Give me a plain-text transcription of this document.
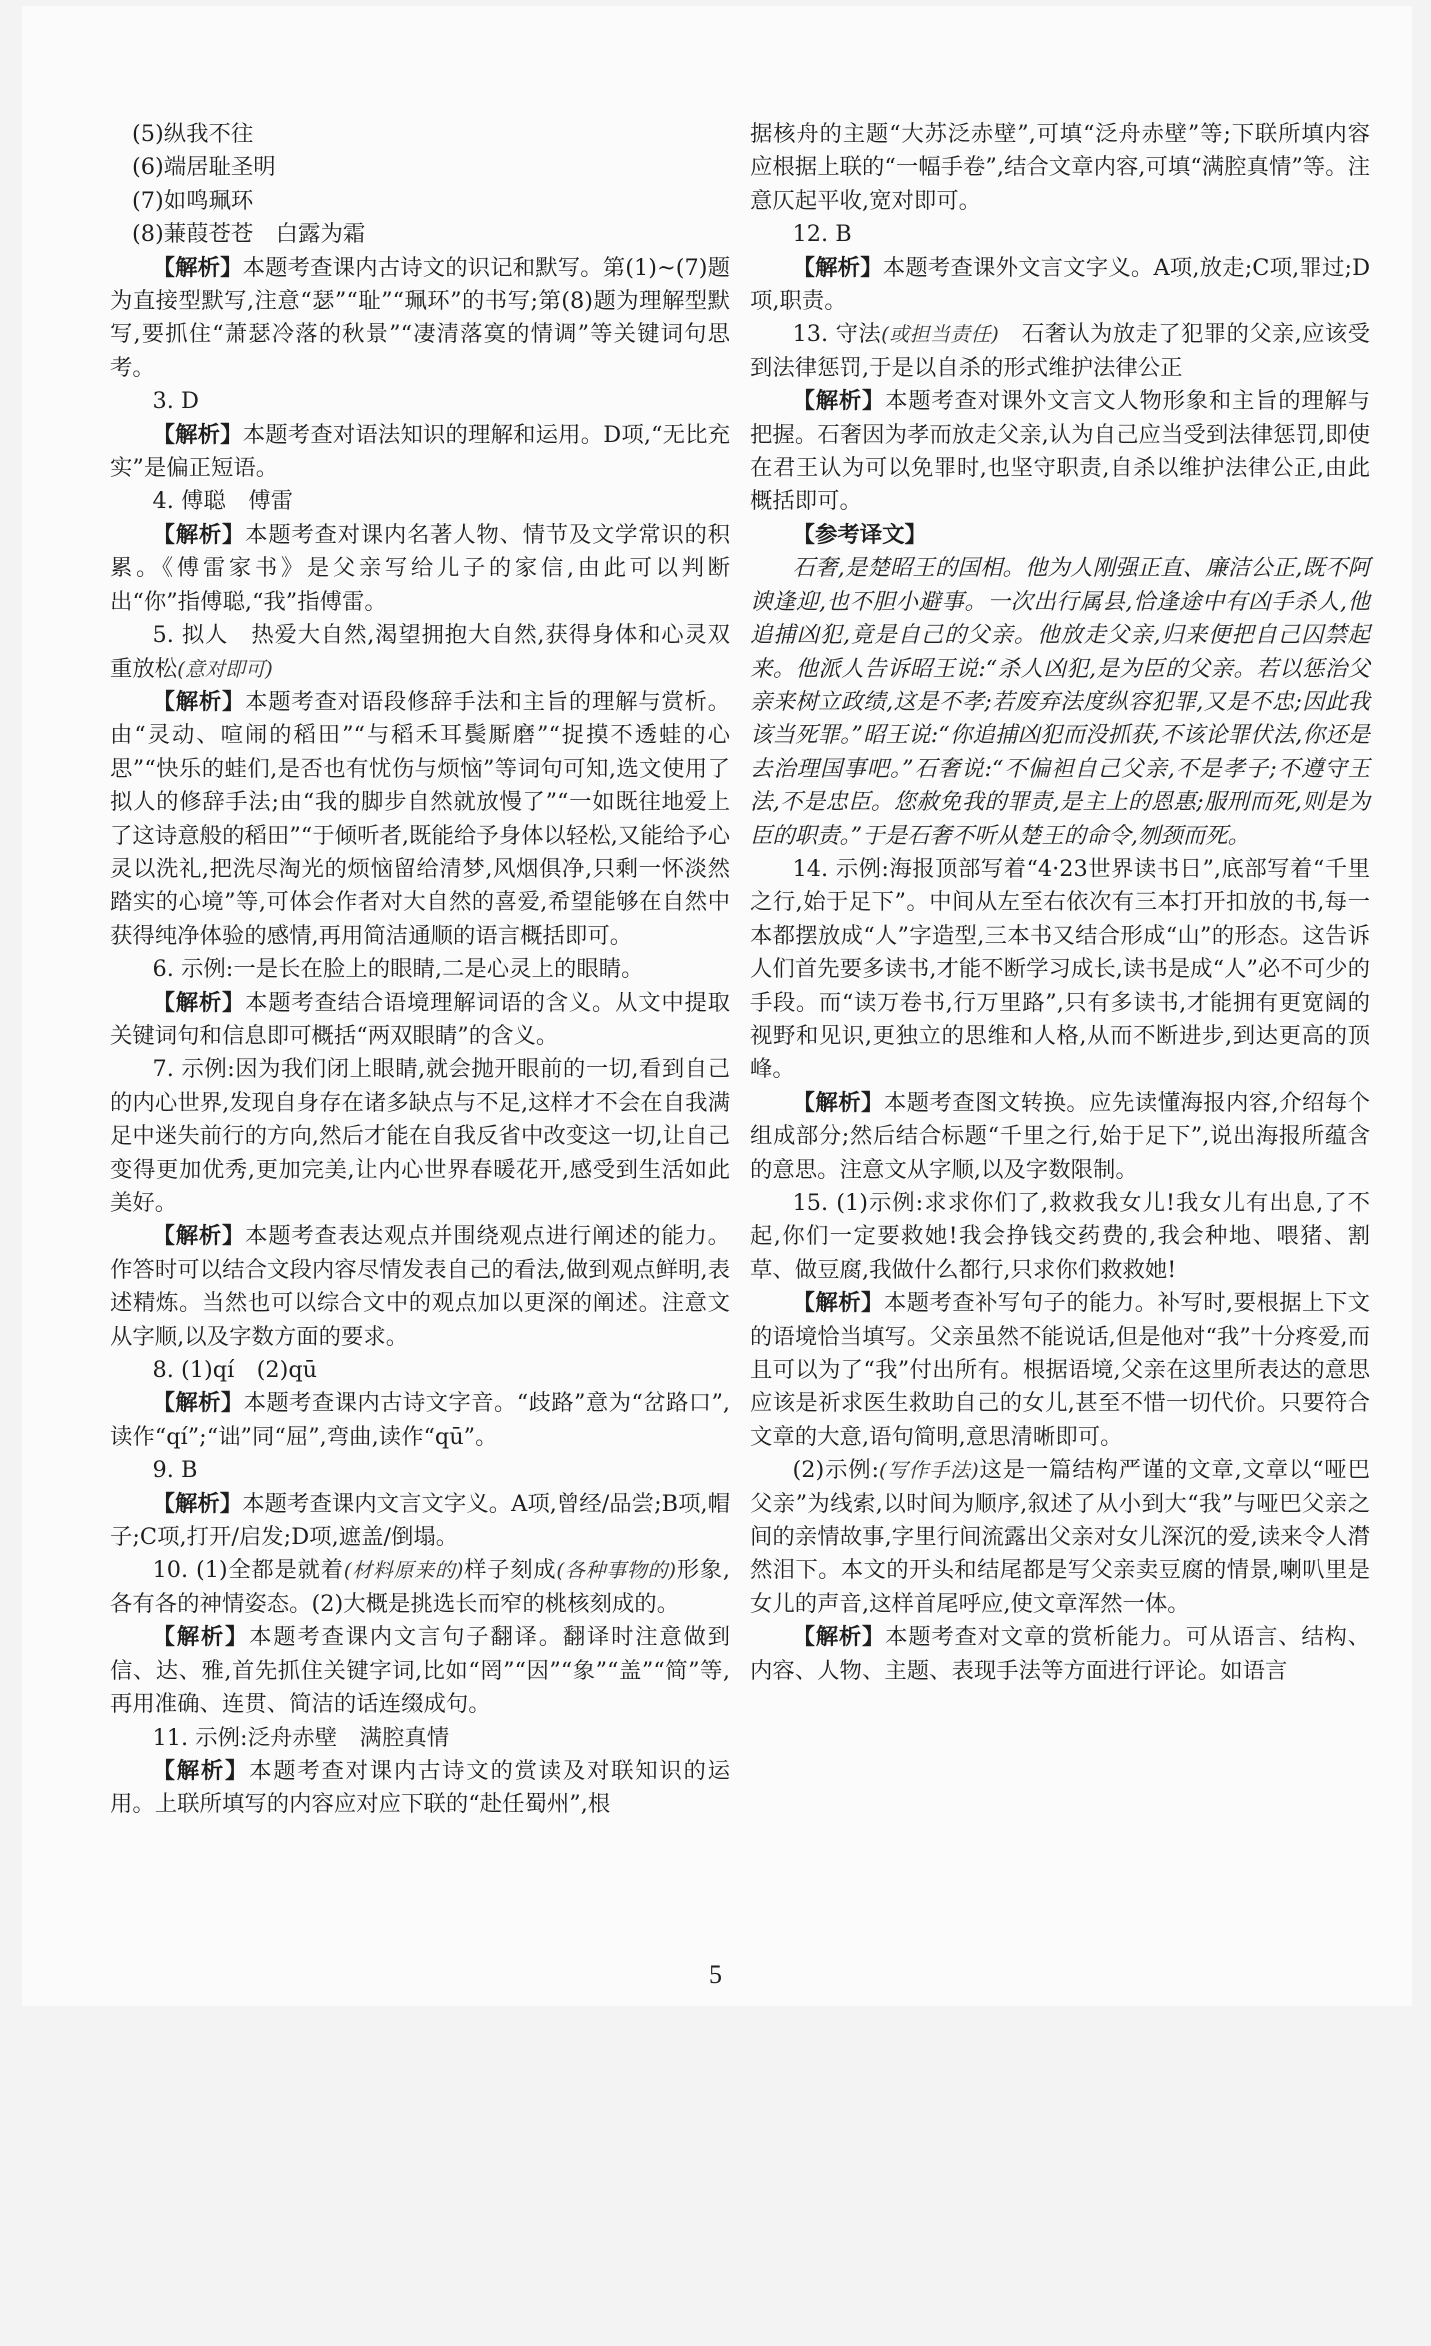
(5)纵我不往

(6)端居耻圣明

(7)如鸣珮环

(8)蒹葭苍苍　白露为霜

【 解析 】 本题考查课内古诗文的识记和默写。第(1)~(7)题为直接型默写,注意“瑟”“耻”“珮环”的书写;第(8)题为理解型默写,要抓住“萧瑟冷落的秋景”“凄清落寞的情调”等关键词句思考。

3. D

【 解析 】 本题考查对语法知识的理解和运用。D项,“无比充实”是偏正短语。

4. 傅聪　傅雷

【 解析 】 本题考查对课内名著人物、情节及文学常识的积累。《傅雷家书》是父亲写给儿子的家信,由此可以判断出“你”指傅聪,“我”指傅雷。

5. 拟人　热爱大自然,渴望拥抱大自然,获得身体和心灵双重放松(意对即可)

【 解析 】 本题考查对语段修辞手法和主旨的理解与赏析。由“灵动、喧闹的稻田”“与稻禾耳鬓厮磨”“捉摸不透蛙的心思”“快乐的蛙们,是否也有忧伤与烦恼”等词句可知,选文使用了拟人的修辞手法;由“我的脚步自然就放慢了”“一如既往地爱上了这诗意般的稻田”“于倾听者,既能给予身体以轻松,又能给予心灵以洗礼,把洗尽淘光的烦恼留给清梦,风烟俱净,只剩一怀淡然踏实的心境”等,可体会作者对大自然的喜爱,希望能够在自然中获得纯净体验的感情,再用简洁通顺的语言概括即可。

6. 示例:一是长在脸上的眼睛,二是心灵上的眼睛。

【 解析 】 本题考查结合语境理解词语的含义。从文中提取关键词句和信息即可概括“两双眼睛”的含义。

7. 示例:因为我们闭上眼睛,就会抛开眼前的一切,看到自己的内心世界,发现自身存在诸多缺点与不足,这样才不会在自我满足中迷失前行的方向,然后才能在自我反省中改变这一切,让自己变得更加优秀,更加完美,让内心世界春暖花开,感受到生活如此美好。

【 解析 】 本题考查表达观点并围绕观点进行阐述的能力。作答时可以结合文段内容尽情发表自己的看法,做到观点鲜明,表述精炼。当然也可以综合文中的观点加以更深的阐述。注意文从字顺,以及字数方面的要求。

8. (1)qí　(2)qū

【 解析 】 本题考查课内古诗文字音。“歧路”意为“岔路口”,读作“qí”;“诎”同“屈”,弯曲,读作“qū”。

9. B

【 解析 】 本题考查课内文言文字义。A项,曾经/品尝;B项,帽子;C项,打开/启发;D项,遮盖/倒塌。

10. (1)全都是就着(材料原来的)样子刻成(各种事物的)形象,各有各的神情姿态。(2)大概是挑选长而窄的桃核刻成的。

【 解析 】 本题考查课内文言句子翻译。翻译时注意做到信、达、雅,首先抓住关键字词,比如“罔”“因”“象”“盖”“简”等,再用准确、连贯、简洁的话连缀成句。

11. 示例:泛舟赤壁　满腔真情

【 解析 】 本题考查对课内古诗文的赏读及对联知识的运用。上联所填写的内容应对应下联的“赴任蜀州”,根

据核舟的主题“大苏泛赤壁”,可填“泛舟赤壁”等;下联所填内容应根据上联的“一幅手卷”,结合文章内容,可填“满腔真情”等。注意仄起平收,宽对即可。

12. B

【 解析 】 本题考查课外文言文字义。A项,放走;C项,罪过;D项,职责。

13. 守法(或担当责任)　石奢认为放走了犯罪的父亲,应该受到法律惩罚,于是以自杀的形式维护法律公正

【 解析 】 本题考查对课外文言文人物形象和主旨的理解与把握。石奢因为孝而放走父亲,认为自己应当受到法律惩罚,即使在君王认为可以免罪时,也坚守职责,自杀以维护法律公正,由此概括即可。

【 参考译文 】

石奢,是楚昭王的国相。他为人刚强正直、廉洁公正,既不阿谀逢迎,也不胆小避事。一次出行属县,恰逢途中有凶手杀人,他追捕凶犯,竟是自己的父亲。他放走父亲,归来便把自己囚禁起来。他派人告诉昭王说:“杀人凶犯,是为臣的父亲。若以惩治父亲来树立政绩,这是不孝;若废弃法度纵容犯罪,又是不忠;因此我该当死罪。”昭王说:“你追捕凶犯而没抓获,不该论罪伏法,你还是去治理国事吧。”石奢说:“不偏袒自己父亲,不是孝子;不遵守王法,不是忠臣。您赦免我的罪责,是主上的恩惠;服刑而死,则是为臣的职责。”于是石奢不听从楚王的命令,刎颈而死。

14. 示例:海报顶部写着“4·23世界读书日”,底部写着“千里之行,始于足下”。中间从左至右依次有三本打开扣放的书,每一本都摆放成“人”字造型,三本书又结合形成“山”的形态。这告诉人们首先要多读书,才能不断学习成长,读书是成“人”必不可少的手段。而“读万卷书,行万里路”,只有多读书,才能拥有更宽阔的视野和见识,更独立的思维和人格,从而不断进步,到达更高的顶峰。

【 解析 】 本题考查图文转换。应先读懂海报内容,介绍每个组成部分;然后结合标题“千里之行,始于足下”,说出海报所蕴含的意思。注意文从字顺,以及字数限制。

15. (1)示例:求求你们了,救救我女儿!我女儿有出息,了不起,你们一定要救她!我会挣钱交药费的,我会种地、喂猪、割草、做豆腐,我做什么都行,只求你们救救她!

【 解析 】 本题考查补写句子的能力。补写时,要根据上下文的语境恰当填写。父亲虽然不能说话,但是他对“我”十分疼爱,而且可以为了“我”付出所有。根据语境,父亲在这里所表达的意思应该是祈求医生救助自己的女儿,甚至不惜一切代价。只要符合文章的大意,语句简明,意思清晰即可。

(2)示例:(写作手法)这是一篇结构严谨的文章,文章以“哑巴父亲”为线索,以时间为顺序,叙述了从小到大“我”与哑巴父亲之间的亲情故事,字里行间流露出父亲对女儿深沉的爱,读来令人潸然泪下。本文的开头和结尾都是写父亲卖豆腐的情景,喇叭里是女儿的声音,这样首尾呼应,使文章浑然一体。

【 解析 】 本题考查对文章的赏析能力。可从语言、结构、内容、人物、主题、表现手法等方面进行评论。如语言

5
